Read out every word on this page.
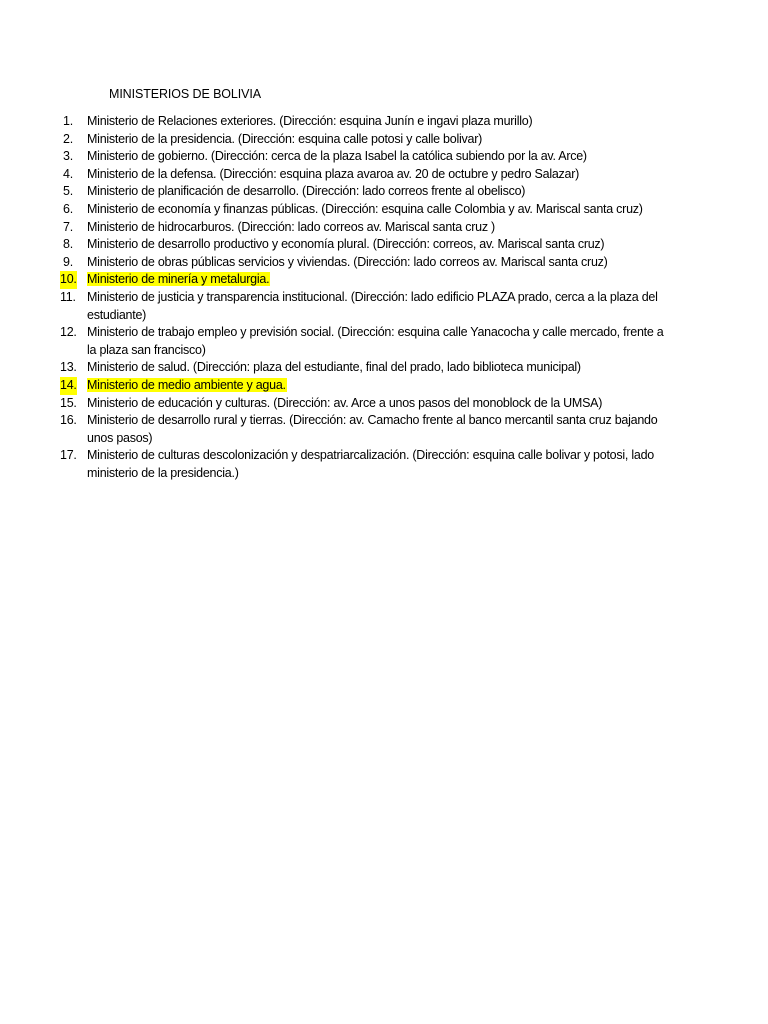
MINISTERIOS DE BOLIVIA
1. Ministerio de Relaciones exteriores. (Dirección: esquina Junín e ingavi plaza murillo)
2. Ministerio de la presidencia. (Dirección: esquina calle potosi y calle bolivar)
3. Ministerio de gobierno. (Dirección: cerca de la plaza Isabel la católica subiendo por la av. Arce)
4. Ministerio de la defensa. (Dirección: esquina plaza avaroa av. 20 de octubre y pedro Salazar)
5. Ministerio de planificación de desarrollo. (Dirección: lado correos frente al obelisco)
6. Ministerio de economía y finanzas públicas. (Dirección: esquina calle Colombia y av. Mariscal santa cruz)
7. Ministerio de hidrocarburos. (Dirección: lado correos av. Mariscal santa cruz )
8. Ministerio de desarrollo productivo y economía plural. (Dirección: correos, av. Mariscal santa cruz)
9. Ministerio de obras públicas servicios y viviendas. (Dirección: lado correos av. Mariscal santa cruz)
10. Ministerio de minería y metalurgia.
11. Ministerio de justicia y transparencia institucional. (Dirección: lado edificio PLAZA prado, cerca a la plaza del estudiante)
12. Ministerio de trabajo empleo y previsión social. (Dirección: esquina calle Yanacocha y calle mercado, frente a la plaza san francisco)
13. Ministerio de salud. (Dirección: plaza del estudiante, final del prado, lado biblioteca municipal)
14. Ministerio de medio ambiente y agua.
15. Ministerio de educación y culturas. (Dirección: av. Arce a unos pasos del monoblock de la UMSA)
16. Ministerio de desarrollo rural y tierras. (Dirección: av. Camacho frente al banco mercantil santa cruz bajando unos pasos)
17. Ministerio de culturas descolonización y despatriarcalización. (Dirección: esquina calle bolivar y potosi, lado ministerio de la presidencia.)
